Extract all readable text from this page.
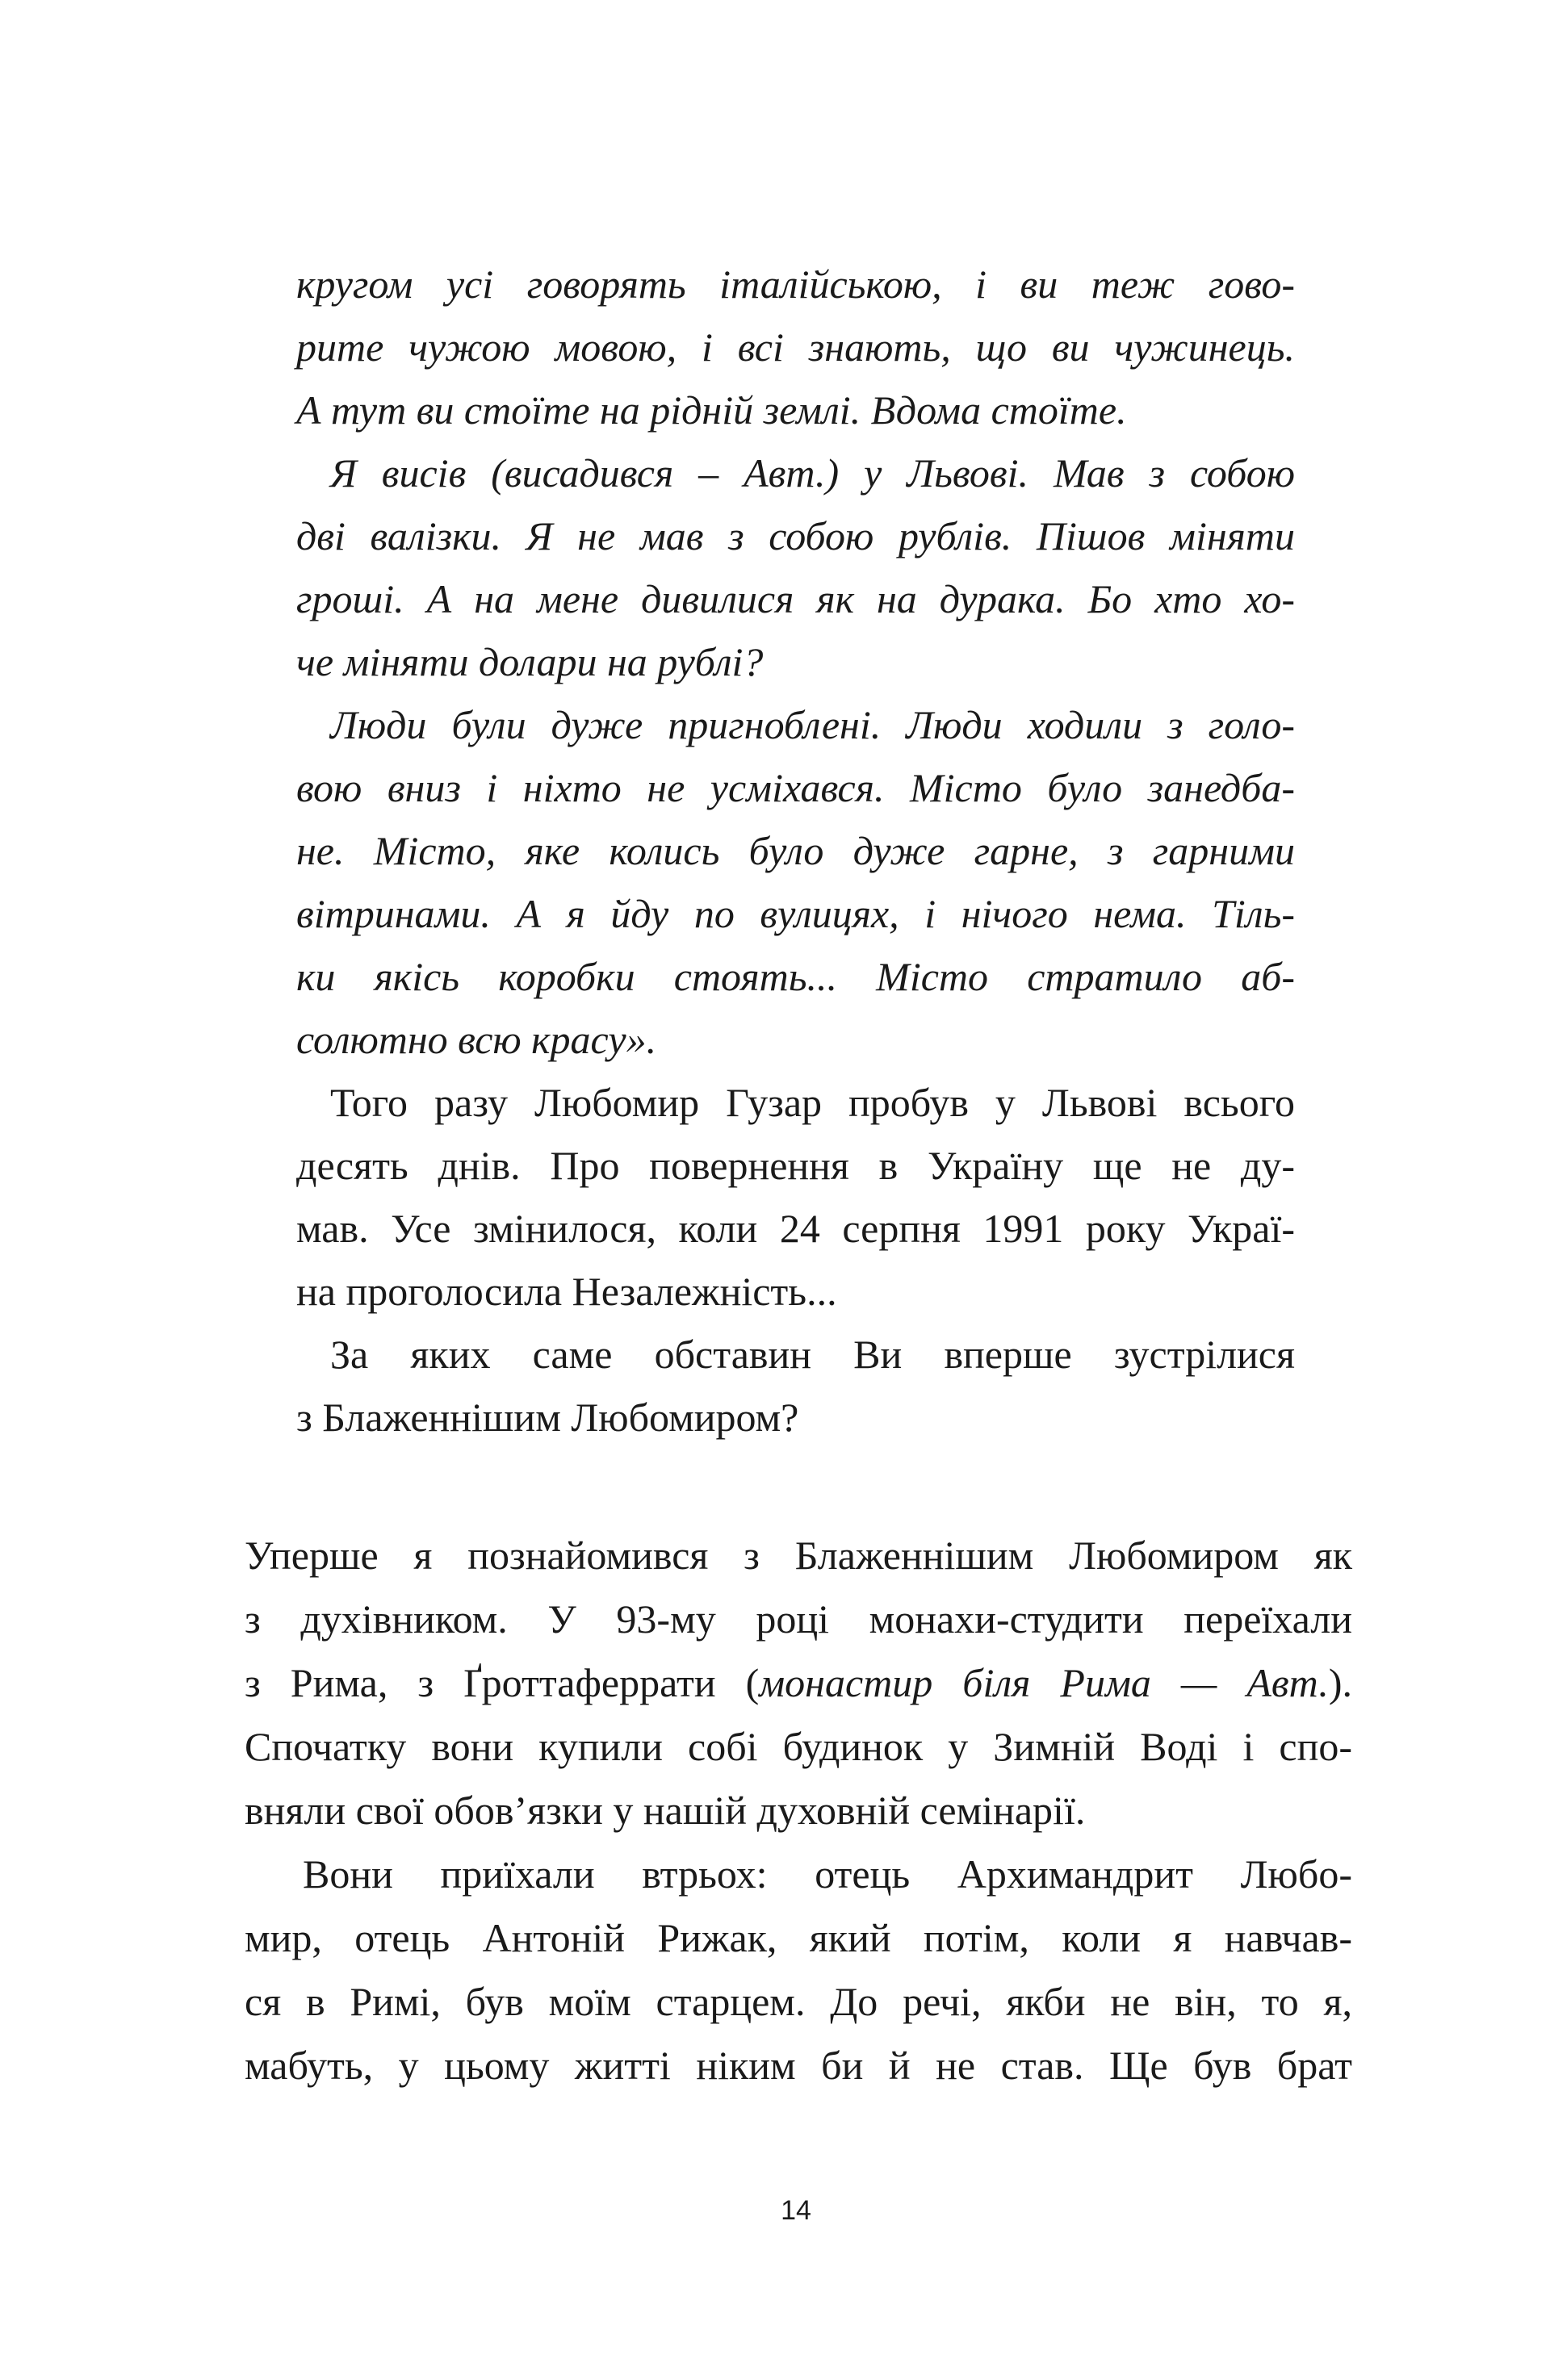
кругом усі говорять італійською, і ви теж гово-
рите чужою мовою, і всі знають, що ви чужинець.
А тут ви стоїте на рідній землі. Вдома стоїте.
Я висів (висадився – Авт.) у Львові. Мав з собою
дві валізки. Я не мав з собою рублів. Пішов міняти
гроші. А на мене дивилися як на дурака. Бо хто хо-
че міняти долари на рублі?
Люди були дуже пригноблені. Люди ходили з голо-
вою вниз і ніхто не усміхався. Місто було занедба-
не. Місто, яке колись було дуже гарне, з гарними
вітринами. А я йду по вулицях, і нічого нема. Тіль-
ки якісь коробки стоять... Місто стратило аб-
солютно всю красу».
Того разу Любомир Гузар пробув у Львові всього
десять днів. Про повернення в Україну ще не ду-
мав. Усе змінилося, коли 24 серпня 1991 року Украї-
на проголосила Незалежність...
За яких саме обставин Ви вперше зустрілися
з Блаженнішим Любомиром?
Уперше я познайомився з Блаженнішим Любомиром як
з духівником. У 93-му році монахи-студити переїхали
з Рима, з Ґроттаферрати (монастир біля Рима — Авт.).
Спочатку вони купили собі будинок у Зимній Воді і спо-
вняли свої обов’язки у нашій духовній семінарії.
Вони приїхали втрьох: отець Архимандрит Любо-
мир, отець Антоній Рижак, який потім, коли я навчав-
ся в Римі, був моїм старцем. До речі, якби не він, то я,
мабуть, у цьому житті ніким би й не став. Ще був брат
14
